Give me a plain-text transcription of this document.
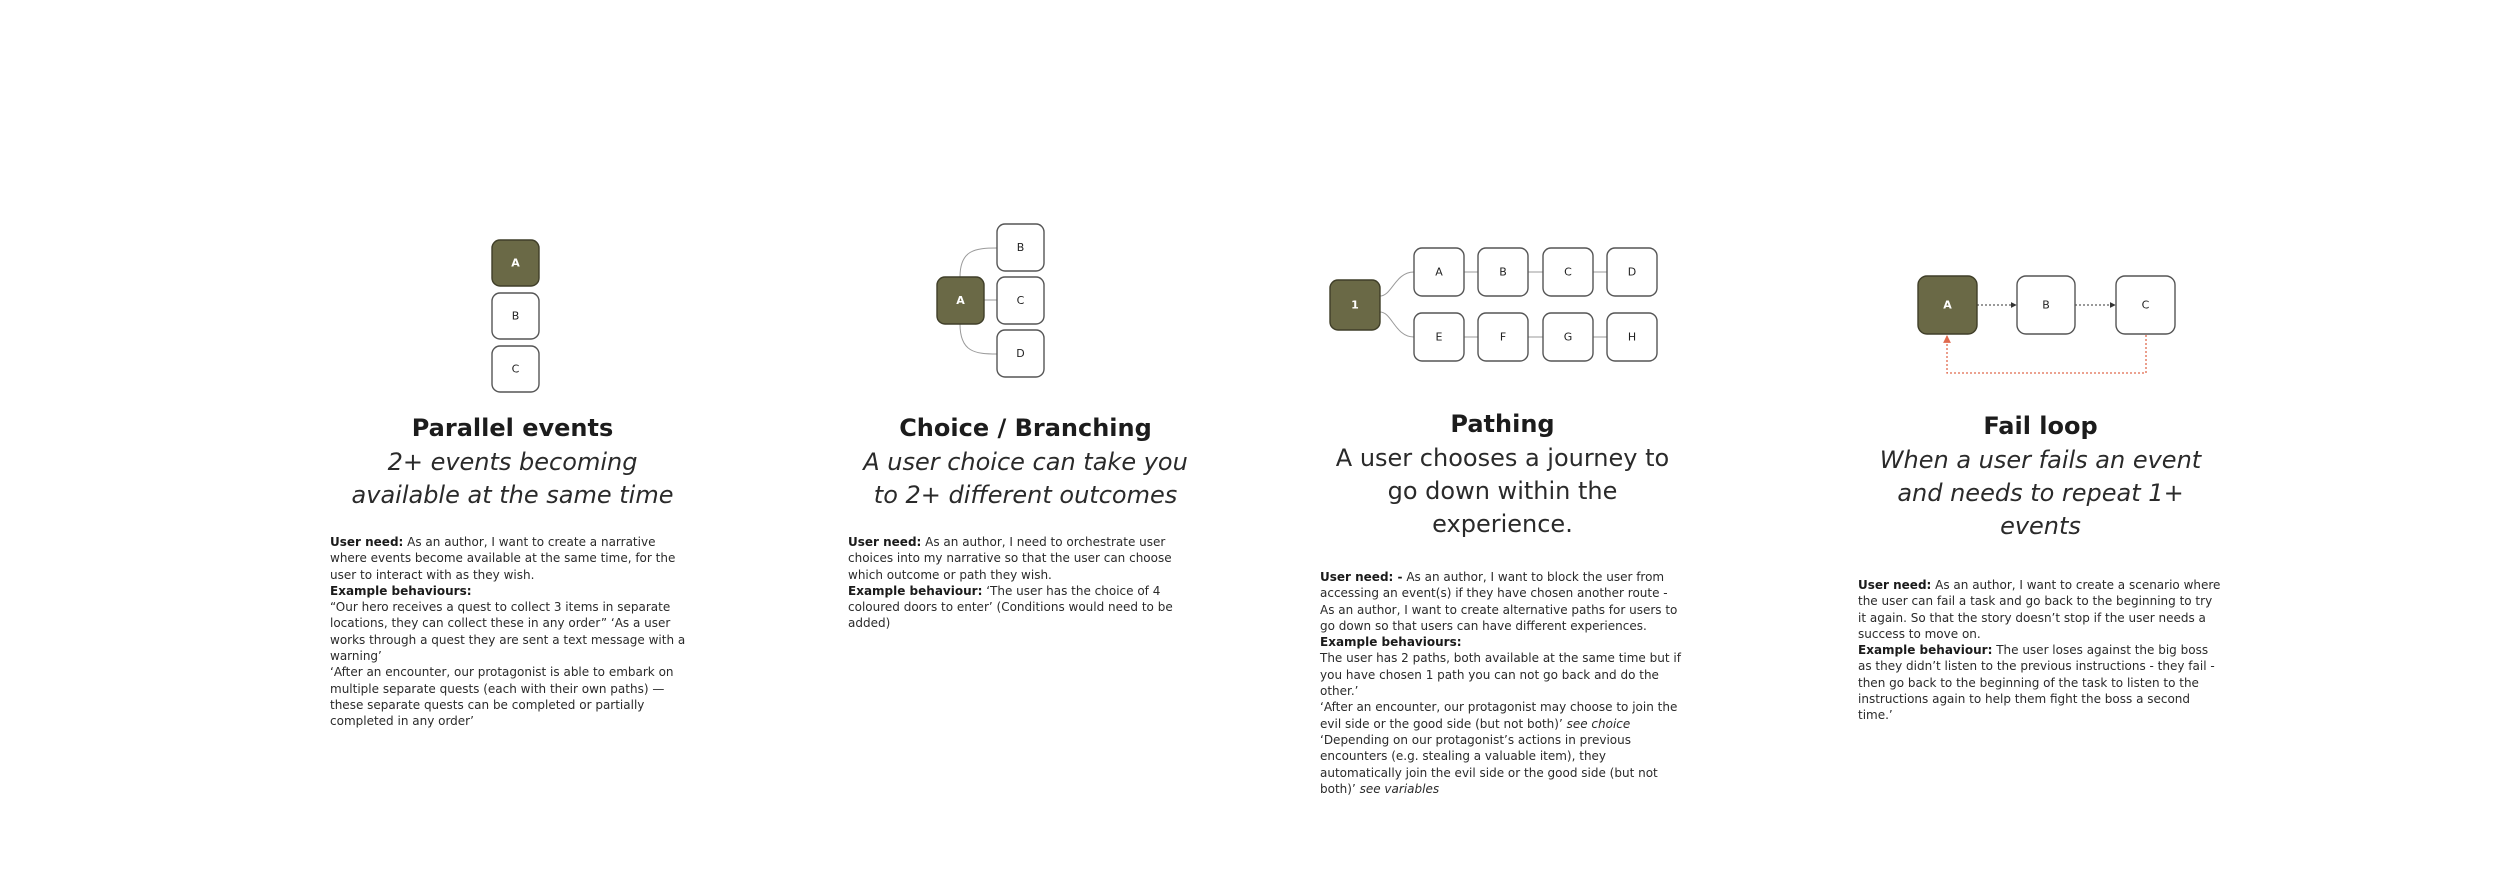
A
B
C
A
B
C
D
1
A	B	C	D
E	F	G	H
A	B	C
Parallel events

2+ events becoming available at the same time

User need: As an author, I want to create a narrative where events become available at the same time, for the user to interact with as they wish.

Example behaviours:

“Our hero receives a quest to collect 3 items in separate locations, they can collect these in any order” ‘As a user works through a quest they are sent a text message with a warning’

‘After an encounter, our protagonist is able to embark on multiple separate quests (each with their own paths) — these separate quests can be completed or partially completed in any order’

Choice / Branching

A user choice can take you to 2+ different outcomes

User need: As an author, I need to orchestrate user choices into my narrative so that the user can choose which outcome or path they wish.

Example behaviour: ‘The user has the choice of 4 coloured doors to enter’ (Conditions would need to be added)

Pathing

A user chooses a journey to go down within the experience.

User need: - As an author, I want to block the user from accessing an event(s) if they have chosen another route - As an author, I want to create alternative paths for users to go down so that users can have different experiences.

Example behaviours:

The user has 2 paths, both available at the same time but if you have chosen 1 path you can not go back and do the other.’

‘After an encounter, our protagonist may choose to join the evil side or the good side (but not both)’ see choice

‘Depending on our protagonist’s actions in previous encounters (e.g. stealing a valuable item), they automatically join the evil side or the good side (but not both)’ see variables

Fail loop

When a user fails an event and needs to repeat 1+ events

User need: As an author, I want to create a scenario where the user can fail a task and go back to the beginning to try it again. So that the story doesn’t stop if the user needs a success to move on.

Example behaviour: The user loses against the big boss as they didn’t listen to the previous instructions - they fail - then go back to the beginning of the task to listen to the instructions again to help them fight the boss a second time.’
